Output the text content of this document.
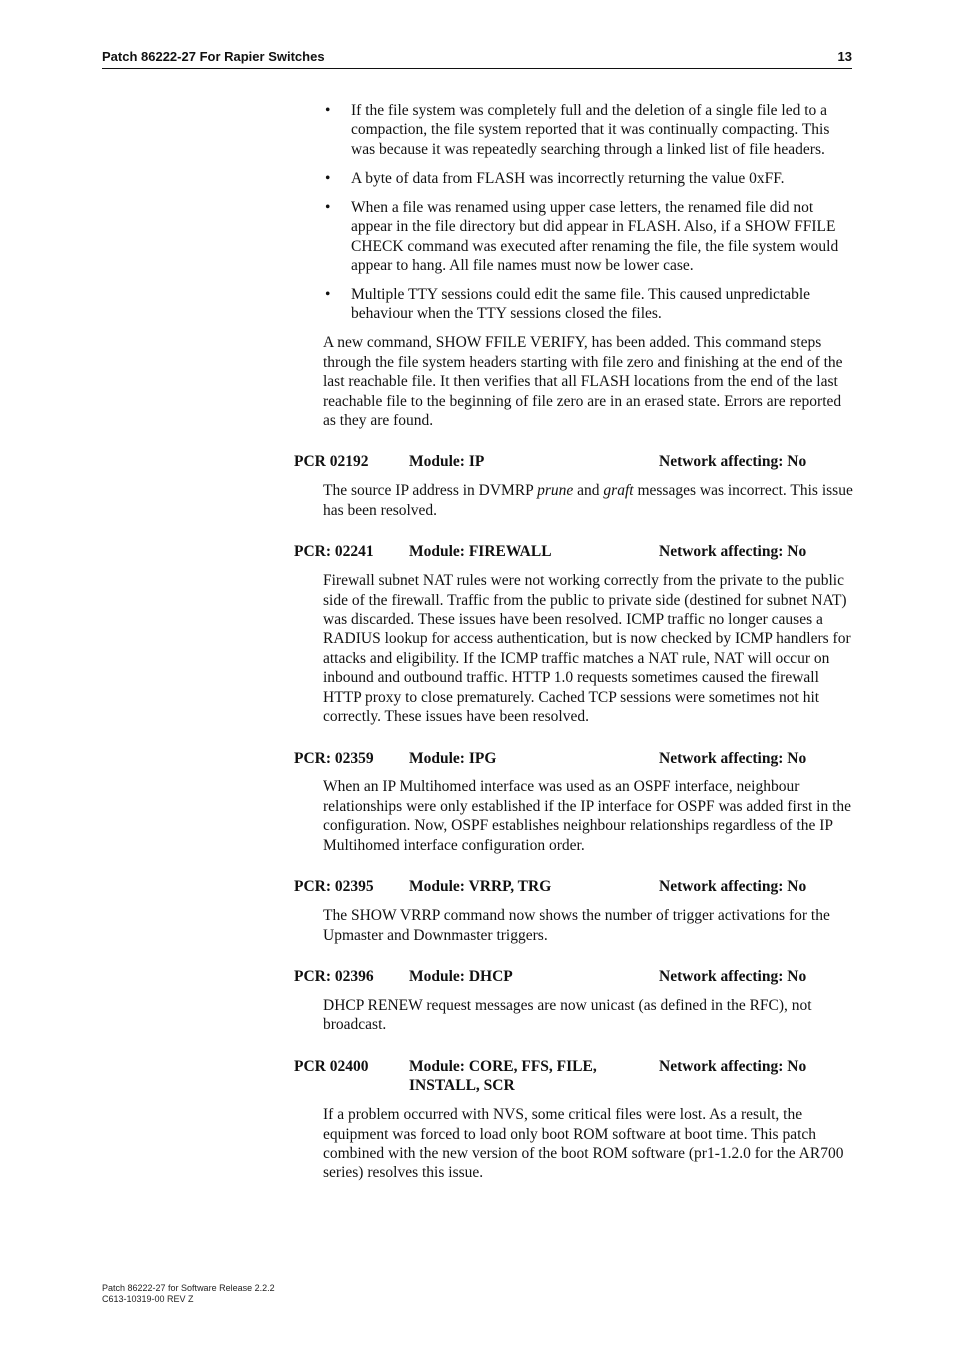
Patch 86222-27 For Rapier Switches	13
• If the file system was completely full and the deletion of a single file led to a compaction, the file system reported that it was continually compacting. This was because it was repeatedly searching through a linked list of file headers.
• A byte of data from FLASH was incorrectly returning the value 0xFF.
• When a file was renamed using upper case letters, the renamed file did not appear in the file directory but did appear in FLASH. Also, if a SHOW FFILE CHECK command was executed after renaming the file, the file system would appear to hang. All file names must now be lower case.
• Multiple TTY sessions could edit the same file. This caused unpredictable behaviour when the TTY sessions closed the files.

A new command, SHOW FFILE VERIFY, has been added. This command steps through the file system headers starting with file zero and finishing at the end of the last reachable file. It then verifies that all FLASH locations from the end of the last reachable file to the beginning of file zero are in an erased state. Errors are reported as they are found.

PCR 02192	Module: IP	Network affecting: No

The source IP address in DVMRP prune and graft messages was incorrect. This issue has been resolved.

PCR: 02241 Module: FIREWALL	Network affecting: No

Firewall subnet NAT rules were not working correctly from the private to the public side of the firewall. Traffic from the public to private side (destined for subnet NAT) was discarded. These issues have been resolved. ICMP traffic no longer causes a RADIUS lookup for access authentication, but is now checked by ICMP handlers for attacks and eligibility. If the ICMP traffic matches a NAT rule, NAT will occur on inbound and outbound traffic. HTTP 1.0 requests sometimes caused the firewall HTTP proxy to close prematurely. Cached TCP sessions were sometimes not hit correctly. These issues have been resolved.

PCR: 02359 Module: IPG	Network affecting: No

When an IP Multihomed interface was used as an OSPF interface, neighbour relationships were only established if the IP interface for OSPF was added first in the configuration. Now, OSPF establishes neighbour relationships regardless of the IP Multihomed interface configuration order.

PCR: 02395 Module: VRRP, TRG	Network affecting: No

The SHOW VRRP command now shows the number of trigger activations for the Upmaster and Downmaster triggers.

PCR: 02396 Module: DHCP	Network affecting: No

DHCP RENEW request messages are now unicast (as defined in the RFC), not broadcast.

PCR 02400	Module: CORE, FFS, FILE, INSTALL, SCR
Network affecting: No

If a problem occurred with NVS, some critical files were lost. As a result, the equipment was forced to load only boot ROM software at boot time. This patch combined with the new version of the boot ROM software (pr1-1.2.0 for the AR700 series) resolves this issue.

Patch 86222-27 for Software Release 2.2.2
C613-10319-00 REV Z
